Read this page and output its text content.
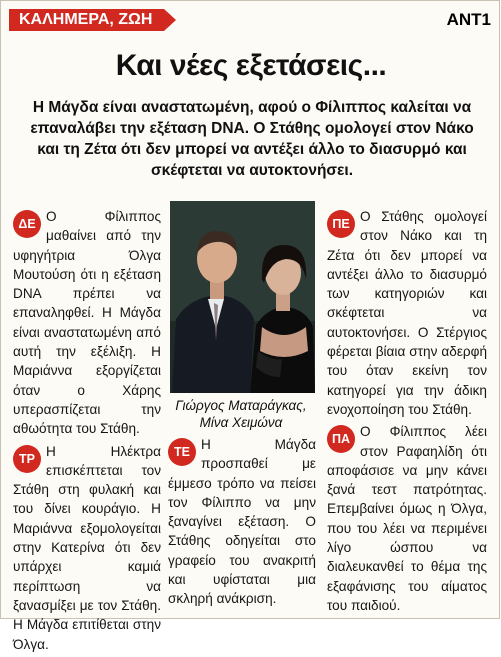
ΚΑΛΗΜΕΡΑ, ΖΩΗ	ANT1
Και νέες εξετάσεις...
Η Μάγδα είναι αναστατωμένη, αφού ο Φίλιππος καλείται να επαναλάβει την εξέταση DNA. Ο Στάθης ομολογεί στον Νάκο και τη Ζέτα ότι δεν μπορεί να αντέξει άλλο το διασυρμό και σκέφτεται να αυτοκτονήσει.

ΔΕ Ο Φίλιππος μαθαίνει από την υφηγήτρια Όλγα Μουτούση ότι η εξέταση DNA πρέπει να επαναληφθεί. Η Μάγδα είναι αναστατωμένη από αυτή την εξέλιξη. Η Μαριάννα εξοργίζεται όταν ο Χάρης υπερασπίζεται την αθωότητα του Στάθη.

ΤΡ Η Ηλέκτρα επισκέπτεται τον Στάθη στη φυλακή και του δίνει κουράγιο. Η Μαριάννα εξομολογείται στην Κατερίνα ότι δεν υπάρχει καμιά περίπτωση να ξανασμίξει με τον Στάθη. Η Μάγδα επιτίθεται στην Όλγα.

Γιώργος Ματαράγκας, Μίνα Χειμώνα

ΤΕ Η Μάγδα προσπαθεί με έμμεσο τρόπο να πείσει τον Φίλιππο να μην ξαναγίνει εξέταση. Ο Στάθης οδηγείται στο γραφείο του ανακριτή και υφίσταται μια σκληρή ανάκριση.

ΠΕ Ο Στάθης ομολογεί στον Νάκο και τη Ζέτα ότι δεν μπορεί να αντέξει άλλο το διασυρμό των κατηγοριών και σκέφτεται να αυτοκτονήσει. Ο Στέργιος φέρεται βίαια στην αδερφή του όταν εκείνη τον κατηγορεί για την άδικη ενοχοποίηση του Στάθη.

ΠΑ Ο Φίλιππος λέει στον Ραφαηλίδη ότι αποφάσισε να μην κάνει ξανά τεστ πατρότητας. Επεμβαίνει όμως η Όλγα, που του λέει να περιμένει λίγο ώσπου να διαλευκανθεί το θέμα της εξαφάνισης του αίματος του παιδιού.
